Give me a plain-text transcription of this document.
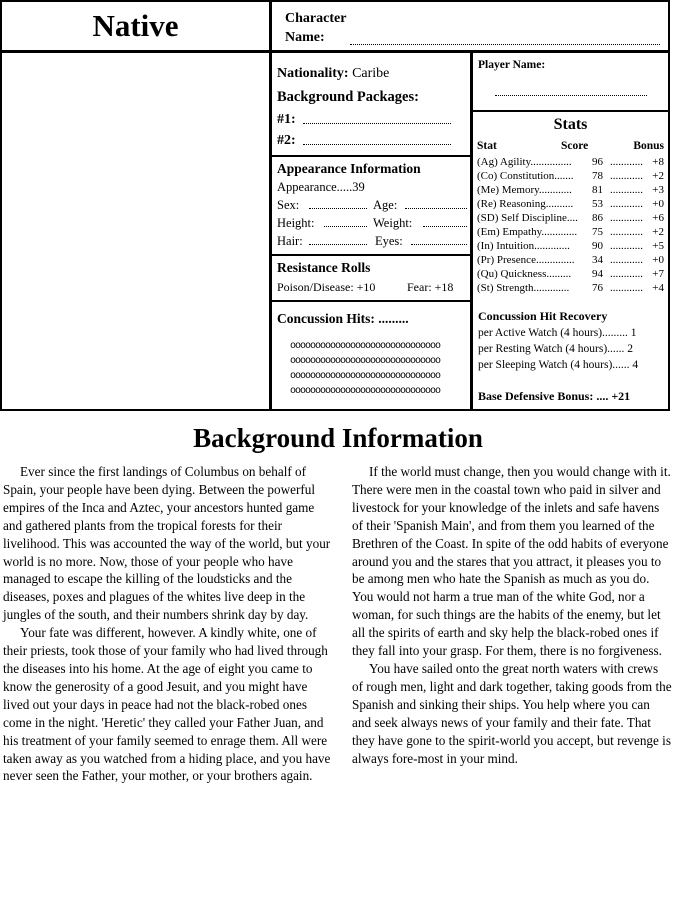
Native	Character
Name:
Nationality: Caribe
Background Packages:
#1:
#2:
Appearance Information
Appearance.....39
Sex:	Age:
Height:	Weight:
Hair:	Eyes:
Resistance Rolls
Poison/Disease: +10	Fear: +18
Concussion Hits: .........
oooooooooooooooooooooooooooooo
oooooooooooooooooooooooooooooo
oooooooooooooooooooooooooooooo
oooooooooooooooooooooooooooooo
Player Name:
Stats
Stat	Score	Bonus
(Ag) Agility...............	96	+8
............
(Co) Constitution.......	78	+2
............
(Me) Memory............	81	+3
............
(Re) Reasoning..........	53	+0
............
(SD) Self Discipline....	86	+6
............
(Em) Empathy.............	75	+2
............
(In) Intuition.............	90	+5
............
(Pr) Presence..............	34	+0
............
(Qu) Quickness.........	94	+7
............
(St) Strength.............	76	+4
............
Concussion Hit Recovery
per Active Watch (4 hours)......... 1
per Resting Watch (4 hours)...... 2
per Sleeping Watch (4 hours)...... 4
Base Defensive Bonus: .... +21
Background Information

Ever since the first landings of Columbus on behalf of Spain, your people have been dying. Between the powerful empires of the Inca and Aztec, your ancestors hunted game and gathered plants from the tropical forests for their livelihood. This was accounted the way of the world, but your world is no more. Now, those of your people who have managed to escape the killing of the loudsticks and the diseases, poxes and plagues of the whites live deep in the jungles of the south, and their numbers shrink day by day.

Your fate was different, however. A kindly white, one of their priests, took those of your family who had lived through the diseases into his home. At the age of eight you came to know the generosity of a good Jesuit, and you might have lived out your days in peace had not the black-robed ones come in the night. 'Heretic' they called your Father Juan, and his treatment of your family seemed to enrage them. All were taken away as you watched from a hiding place, and you have never seen the Father, your mother, or your brothers again.

If the world must change, then you would change with it. There were men in the coastal town who paid in silver and livestock for your knowledge of the inlets and safe havens of their 'Spanish Main', and from them you learned of the Brethren of the Coast. In spite of the odd habits of everyone around you and the stares that you attract, it pleases you to be among men who hate the Spanish as much as you do. You would not harm a true man of the white God, nor a woman, for such things are the habits of the enemy, but let all the spirits of earth and sky help the black-robed ones if they fall into your grasp. For them, there is no forgiveness.

You have sailed onto the great north waters with crews of rough men, light and dark together, taking goods from the Spanish and sinking their ships. You help where you can and seek always news of your family and their fate. That they have gone to the spirit-world you accept, but revenge is always fore-most in your mind.
